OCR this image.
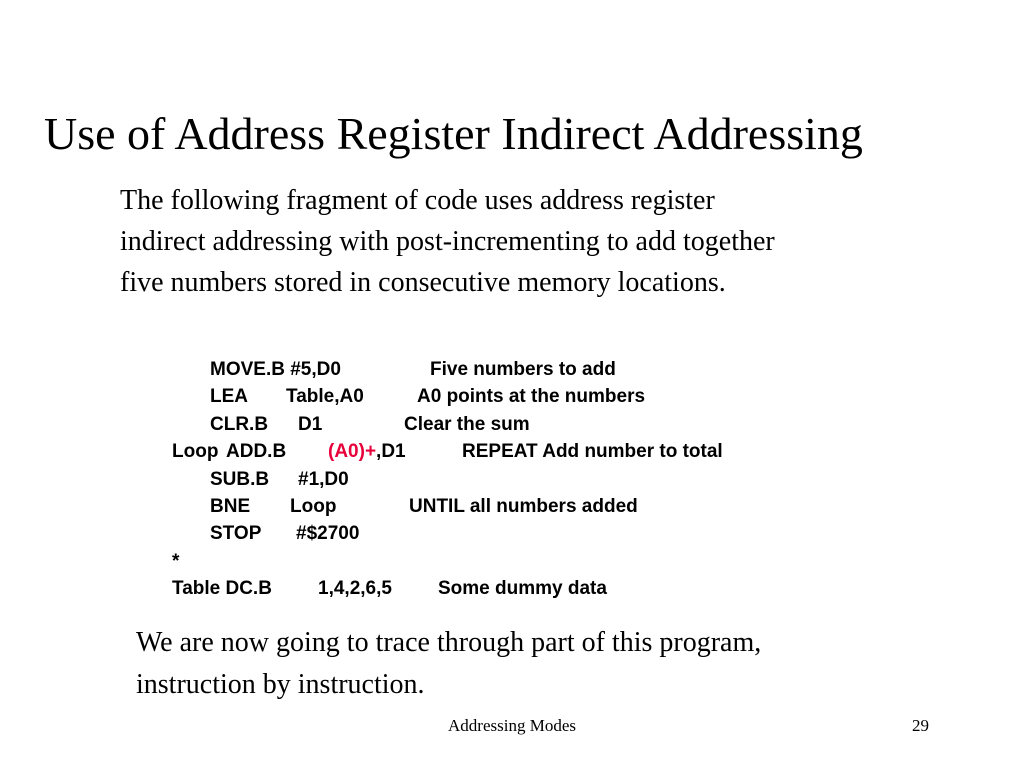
Use of Address Register Indirect Addressing
The following fragment of code uses address register
indirect addressing with post-incrementing to add together
five numbers stored in consecutive memory locations.
MOVE.B #5,D0	Five numbers to add
LEA Table,A0	A0 points at the numbers
CLR.B D1	Clear the sum
Loop ADD.B (A0)+,D1	REPEAT Add number to total
SUB.B #1,D0
BNE Loop	UNTIL all numbers added
STOP #$2700
*
Table DC.B 1,4,2,6,5 Some dummy data
We are now going to trace through part of this program,
instruction by instruction.
Addressing Modes	29
